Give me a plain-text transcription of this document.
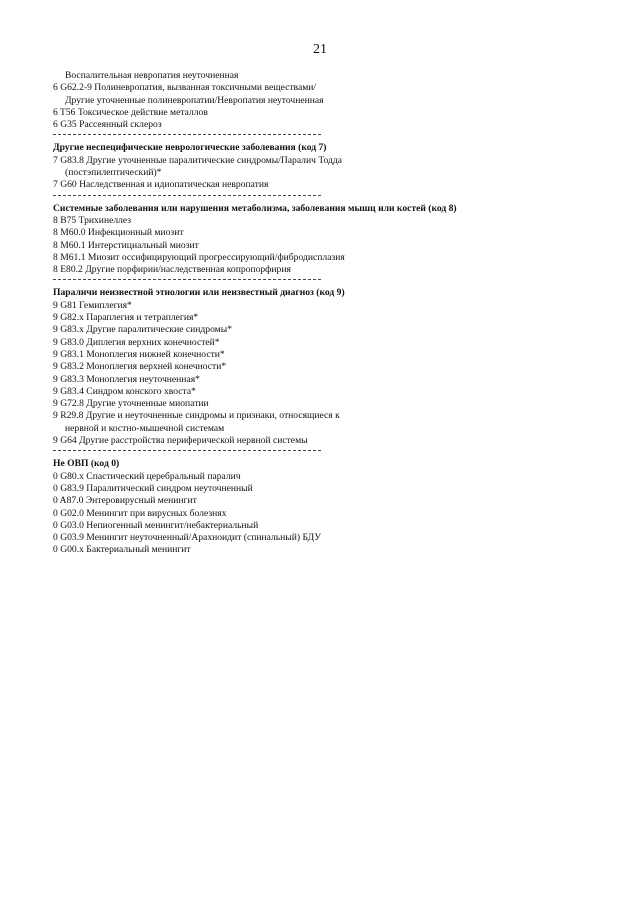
21
Воспалительная невропатия неуточненная
6 G62.2-9 Полиневропатия, вызванная токсичными веществами/
Другие уточненные полиневропатии/Невропатия неуточненная
6 T56 Токсическое действие металлов
6 G35 Рассеянный склероз
Другие неспецифические неврологические заболевания (код 7)
7 G83.8 Другие уточненные паралитические синдромы/Паралич Тодда
(постэпилептический)*
7 G60 Наследственная и идиопатическая невропатия
Системные заболевания или нарушения метаболизма, заболевания мышц или костей (код 8)
8 B75 Трихинеллез
8 M60.0 Инфекционный миозит
8 M60.1 Интерстициальный миозит
8 M61.1 Миозит оссифицирующий прогрессирующий/фибродисплазия
8 E80.2 Другие порфирии/наследственная копропорфирия
Параличи неизвестной этиологии или неизвестный диагноз (код 9)
9 G81 Гемиплегия*
9 G82.x Параплегия и тетраплегия*
9 G83.x Другие паралитические синдромы*
9 G83.0 Диплегия верхних конечностей*
9 G83.1 Моноплегия нижней конечности*
9 G83.2 Моноплегия верхней конечности*
9 G83.3 Моноплегия неуточненная*
9 G83.4 Синдром конского хвоста*
9 G72.8 Другие уточненные миопатии
9 R29.8 Другие и неуточненные синдромы и признаки, относящиеся к
нервной и костно-мышечной системам
9 G64 Другие расстройства периферической нервной системы
Не ОВП (код 0)
0 G80.x Спастический церебральный паралич
0 G83.9 Паралитический синдром неуточненный
0 A87.0 Энтеровирусный менингит
0 G02.0 Менингит при вирусных болезнях
0 G03.0 Непиогенный менингит/небактериальный
0 G03.9 Менингит неуточненный/Арахноидит (спинальный) БДУ
0 G00.x Бактериальный менингит
